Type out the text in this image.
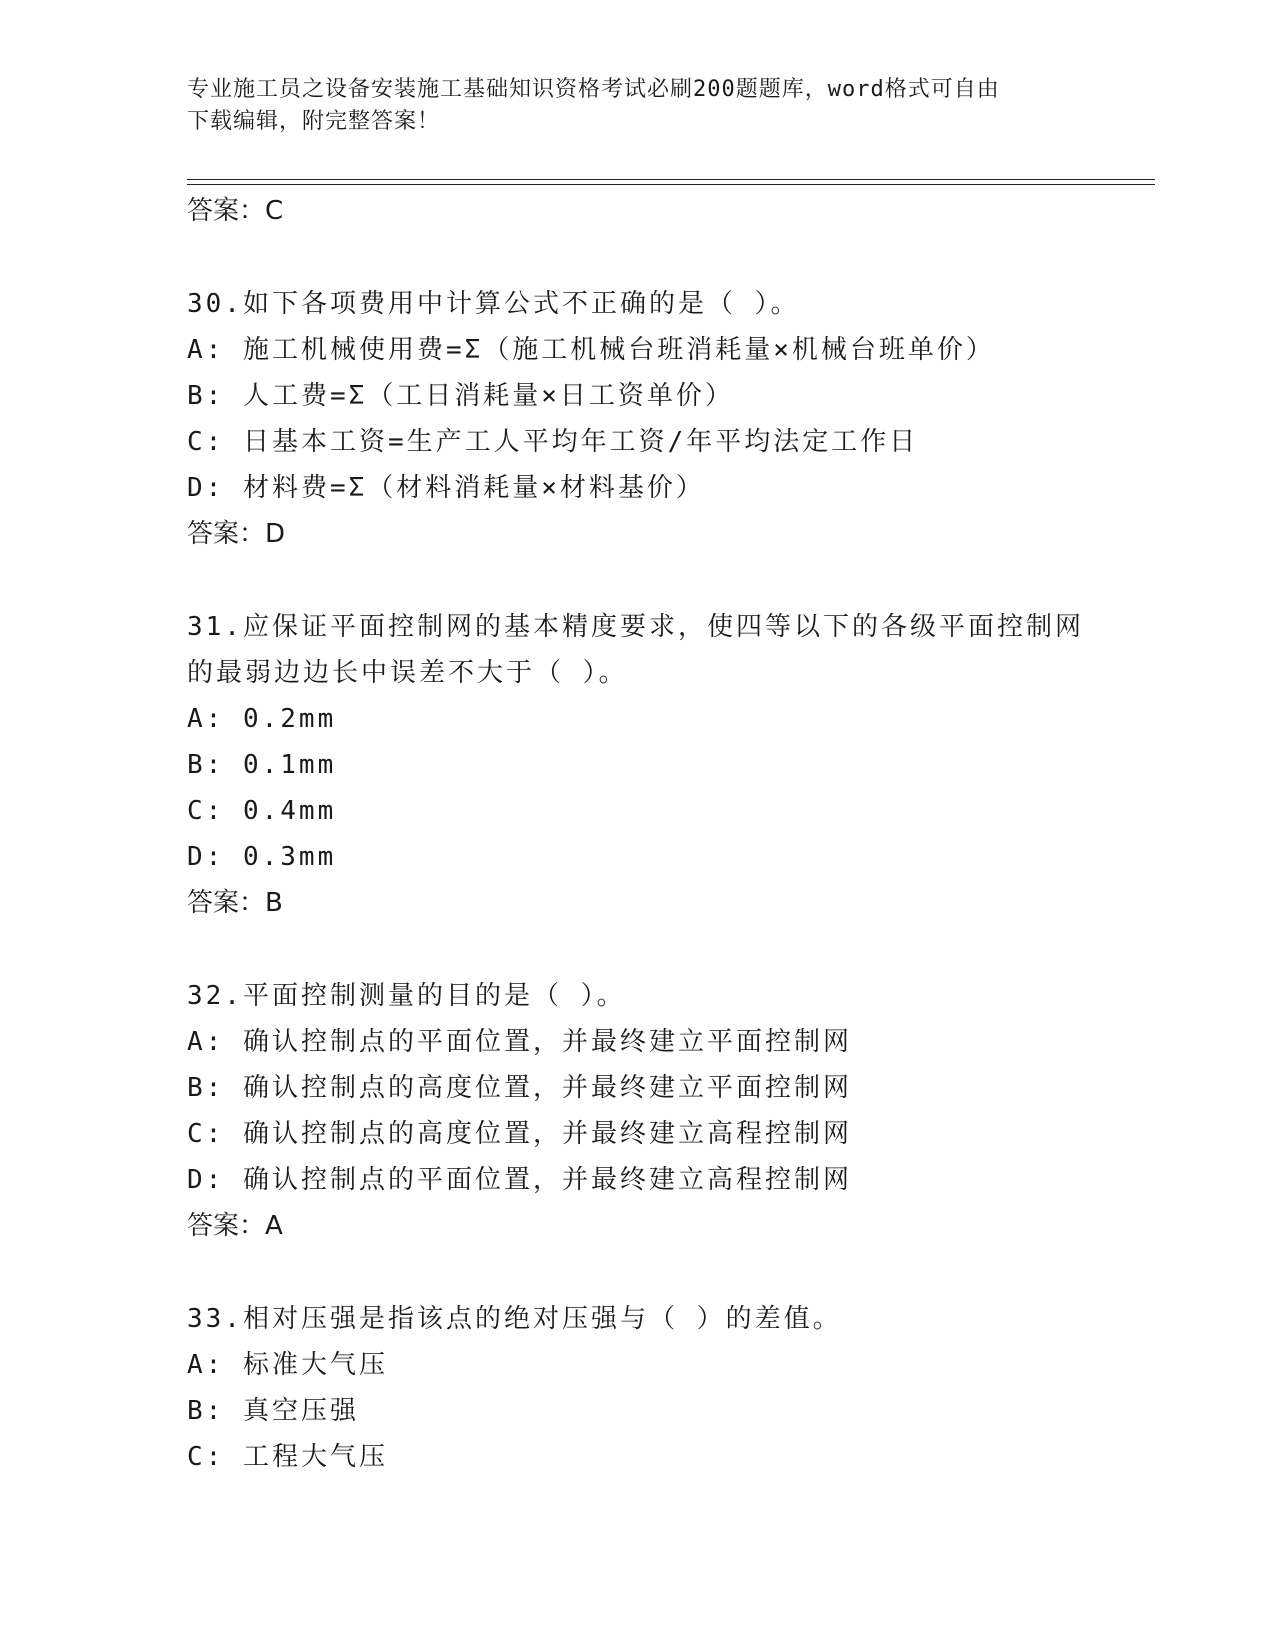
专业施工员之设备安装施工基础知识资格考试必刷200题题库，word格式可自由
下载编辑，附完整答案！

答案：C

30.如下各项费用中计算公式不正确的是（ ）。

A: 施工机械使用费=Σ（施工机械台班消耗量×机械台班单价）

B: 人工费=Σ（工日消耗量×日工资单价）

C: 日基本工资=生产工人平均年工资/年平均法定工作日

D: 材料费=Σ（材料消耗量×材料基价）

答案：D

31.应保证平面控制网的基本精度要求，使四等以下的各级平面控制网

的最弱边边长中误差不大于（ ）。

A: 0.2mm

B: 0.1mm

C: 0.4mm

D: 0.3mm

答案：B

32.平面控制测量的目的是（ ）。

A: 确认控制点的平面位置，并最终建立平面控制网

B: 确认控制点的高度位置，并最终建立平面控制网

C: 确认控制点的高度位置，并最终建立高程控制网

D: 确认控制点的平面位置，并最终建立高程控制网

答案：A

33.相对压强是指该点的绝对压强与（ ）的差值。

A: 标准大气压

B: 真空压强

C: 工程大气压
